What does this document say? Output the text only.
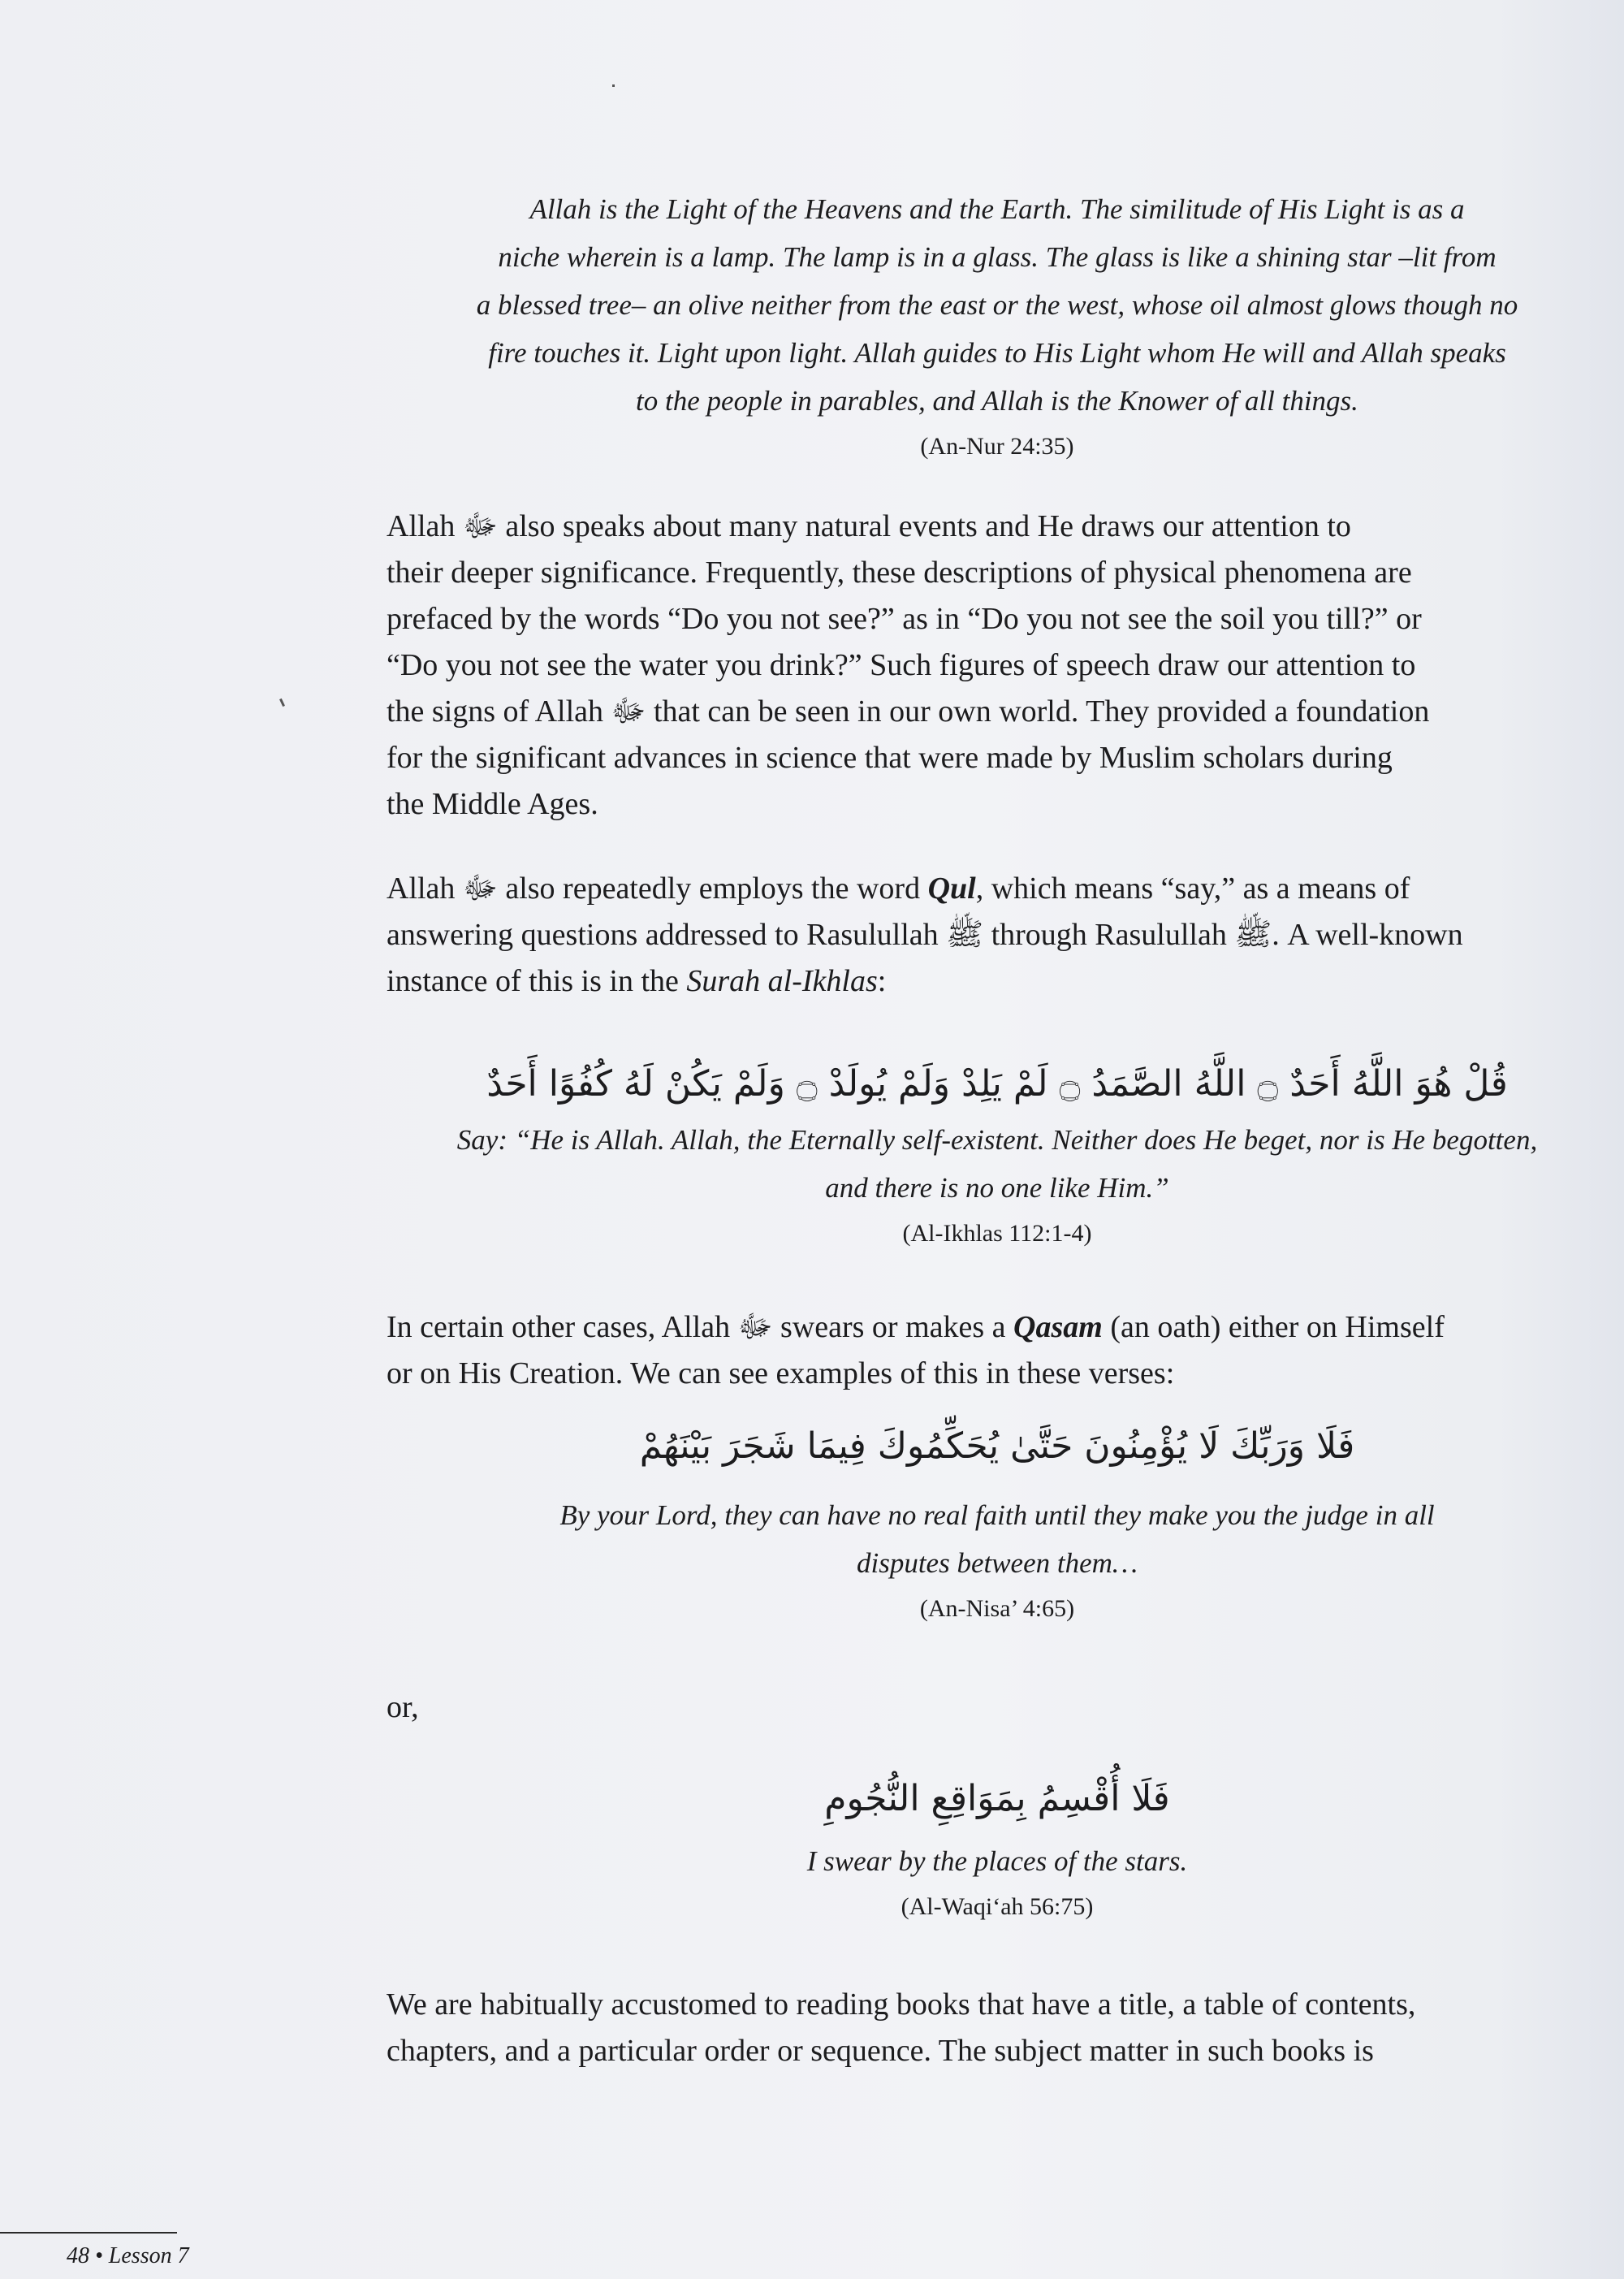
Allah is the Light of the Heavens and the Earth. The similitude of His Light is as a
niche wherein is a lamp. The lamp is in a glass. The glass is like a shining star –lit from
a blessed tree– an olive neither from the east or the west, whose oil almost glows though no
fire touches it. Light upon light. Allah guides to His Light whom He will and Allah speaks
to the people in parables, and Allah is the Knower of all things.
(An-Nur 24:35)
Allah ﷻ also speaks about many natural events and He draws our attention to
their deeper significance. Frequently, these descriptions of physical phenomena are
prefaced by the words “Do you not see?” as in “Do you not see the soil you till?” or
“Do you not see the water you drink?” Such figures of speech draw our attention to
the signs of Allah ﷻ that can be seen in our own world. They provided a foundation
for the significant advances in science that were made by Muslim scholars during
the Middle Ages.
Allah ﷻ also repeatedly employs the word Qul, which means “say,” as a means of
answering questions addressed to Rasulullah ﷺ through Rasulullah ﷺ. A well-known
instance of this is in the Surah al-Ikhlas:
قُلْ هُوَ اللَّهُ أَحَدٌ ۝ اللَّهُ الصَّمَدُ ۝ لَمْ يَلِدْ وَلَمْ يُولَدْ ۝ وَلَمْ يَكُنْ لَهُ كُفُوًا أَحَدٌ
Say: “He is Allah. Allah, the Eternally self-existent. Neither does He beget, nor is He begotten,
and there is no one like Him.”
(Al-Ikhlas 112:1-4)
In certain other cases, Allah ﷻ swears or makes a Qasam (an oath) either on Himself
or on His Creation. We can see examples of this in these verses:
فَلَا وَرَبِّكَ لَا يُؤْمِنُونَ حَتَّىٰ يُحَكِّمُوكَ فِيمَا شَجَرَ بَيْنَهُمْ
By your Lord, they can have no real faith until they make you the judge in all
disputes between them…
(An-Nisa’ 4:65)
or,
فَلَا أُقْسِمُ بِمَوَاقِعِ النُّجُومِ
I swear by the places of the stars.
(Al-Waqi‘ah 56:75)
We are habitually accustomed to reading books that have a title, a table of contents,
chapters, and a particular order or sequence. The subject matter in such books is
48 • Lesson 7
